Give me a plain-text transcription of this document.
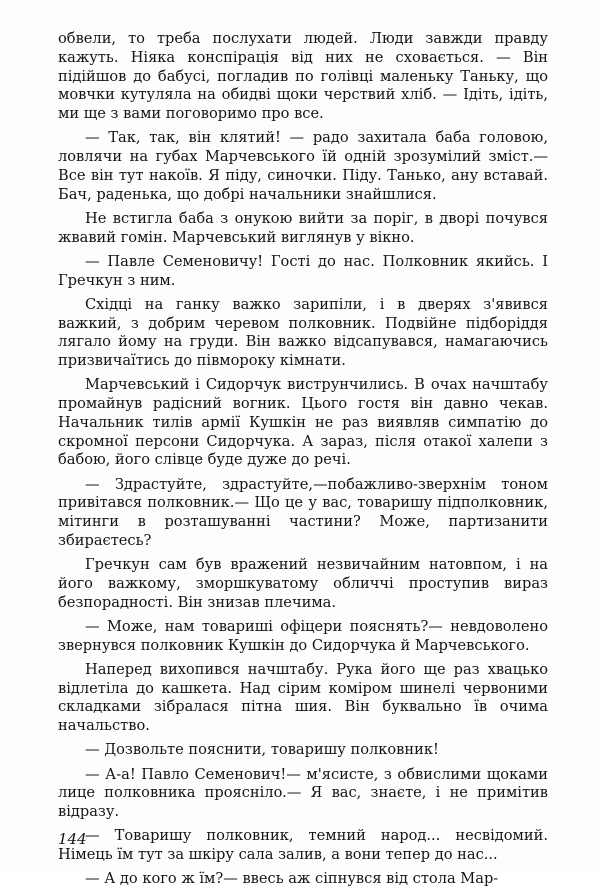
обвели, то треба послухати людей. Люди завжди правду кажуть. Ніяка конспірація від них не сховається. — Він підійшов до бабусі, погладив по голівці маленьку Таньку, що мовчки кутуляла на обидві щоки черствий хліб. — Ідіть, ідіть, ми ще з вами поговоримо про все.

— Так, так, він клятий! — радо захитала баба головою, ловлячи на губах Марчевського їй одній зрозумілий зміст.— Все він тут накоїв. Я піду, синочки. Піду. Танько, ану вставай. Бач, раденька, що добрі начальники знайшлися.

Не встигла баба з онукою вийти за поріг, в дворі почувся жвавий гомін. Марчевський виглянув у вікно.

— Павле Семеновичу! Гості до нас. Полковник якийсь. І Гречкун з ним.

Східці на ганку важко зарипіли, і в дверях з'явився важкий, з добрим черевом полковник. Подвійне підборіддя лягало йому на груди. Він важко відсапувався, намагаючись призвичаїтись до півмороку кімнати.

Марчевський і Сидорчук виструнчились. В очах начштабу промайнув радісний вогник. Цього гостя він давно чекав. Начальник тилів армії Кушкін не раз виявляв симпатію до скромної персони Сидорчука. А зараз, після отакої халепи з бабою, його слівце буде дуже до речі.

— Здрастуйте, здрастуйте,—побажливо-зверхнім тоном привітався полковник.— Що це у вас, товаришу підполковник, мітинги в розташуванні частини? Може, партизанити збираєтесь?

Гречкун сам був вражений незвичайним натовпом, і на його важкому, зморшкуватому обличчі проступив вираз безпорадності. Він знизав плечима.

— Може, нам товариші офіцери пояснять?— невдоволено звернувся полковник Кушкін до Сидорчука й Марчевського.

Наперед вихопився начштабу. Рука його ще раз хвацько відлетіла до кашкета. Над сірим коміром шинелі червоними складками зібралася пітна шия. Він буквально їв очима начальство.

— Дозвольте пояснити, товаришу полковник!

— А-а! Павло Семенович!— м'ясисте, з обвислими щоками лице полковника прояснілo.— Я вас, знаєте, і не примітив відразу.

— Товаришу полковник, темний народ... несвідомий. Німець їм тут за шкіру сала залив, а вони тепер до нас...

— А до кого ж їм?— ввесь аж сіпнувся від стола Мар-

144
